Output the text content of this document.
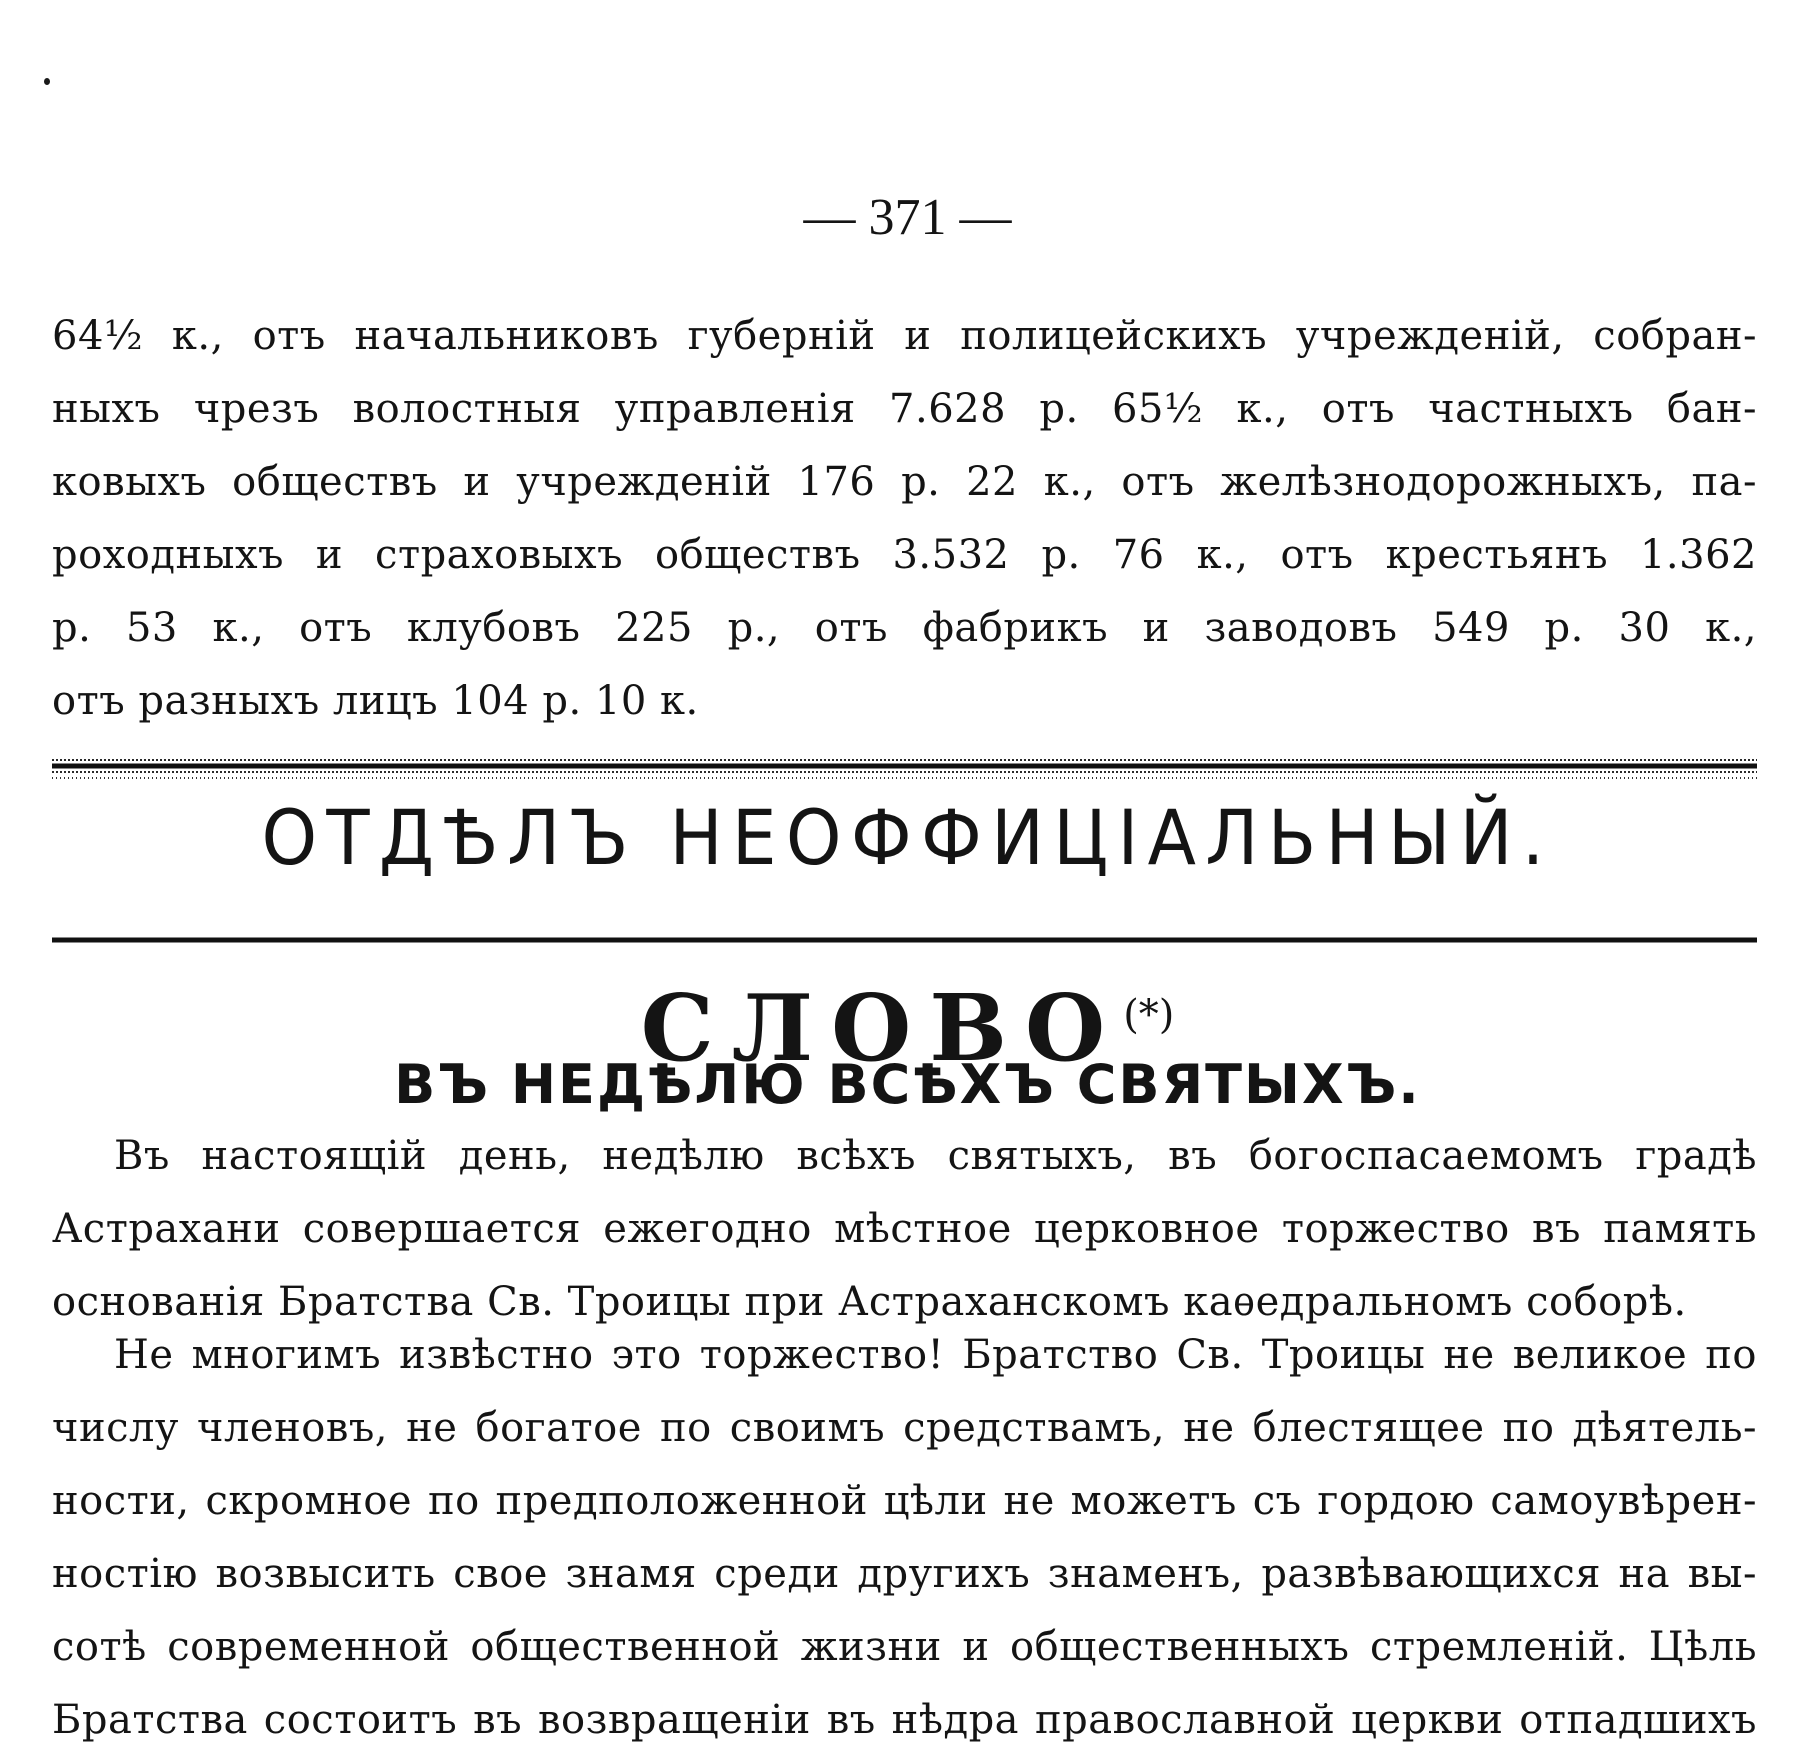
— 371 —
64½ к., отъ начальниковъ губерній и полицейскихъ учрежденій, собран-
ныхъ чрезъ волостныя управленія 7.628 р. 65½ к., отъ частныхъ бан-
ковыхъ обществъ и учрежденій 176 р. 22 к., отъ желѣзнодорожныхъ, па-
роходныхъ и страховыхъ обществъ 3.532 р. 76 к., отъ крестьянъ 1.362
р. 53 к., отъ клубовъ 225 р., отъ фабрикъ и заводовъ 549 р. 30 к.,
отъ разныхъ лицъ 104 р. 10 к.
ОТДѢЛЪ НЕОФФИЦІАЛЬНЫЙ.
СЛОВО(*)
ВЪ НЕДѢЛЮ ВСѢХЪ СВЯТЫХЪ.
Въ настоящій день, недѣлю всѣхъ святыхъ, въ богоспасаемомъ градѣ
Астрахани совершается ежегодно мѣстное церковное торжество въ память
основанія Братства Св. Троицы при Астраханскомъ каѳедральномъ соборѣ.
Не многимъ извѣстно это торжество! Братство Св. Троицы не великое по
числу членовъ, не богатое по своимъ средствамъ, не блестящее по дѣятель-
ности, скромное по предположенной цѣли не можетъ съ гордою самоувѣрен-
ностію возвысить свое знамя среди другихъ знаменъ, развѣвающихся на вы-
сотѣ современной общественной жизни и общественныхъ стремленій. Цѣль
Братства состоитъ въ возвращеніи въ нѣдра православной церкви отпадшихъ
